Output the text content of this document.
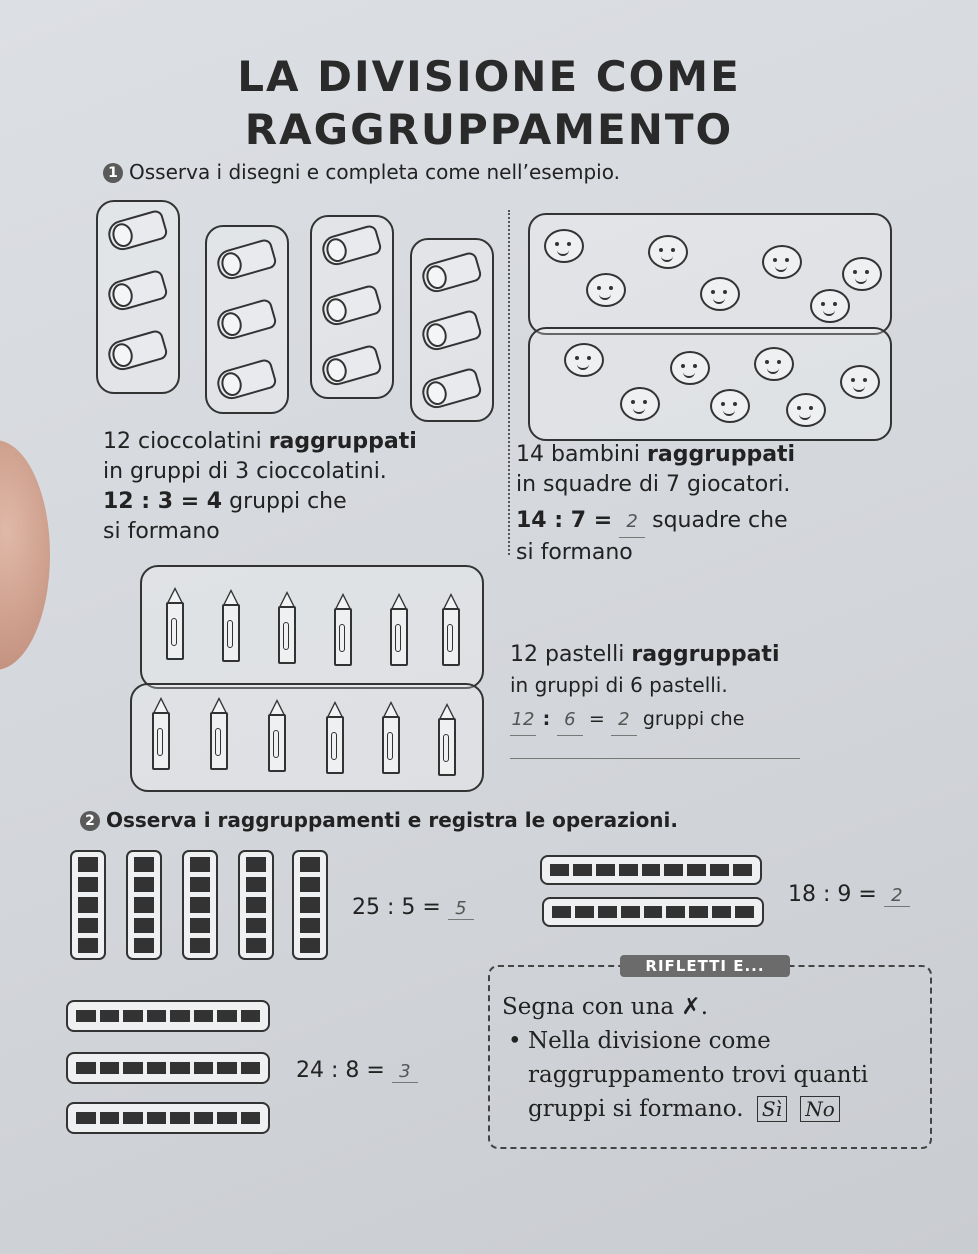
LA DIVISIONE COME
RAGGRUPPAMENTO
1 Osserva i disegni e completa come nell’esempio.
12 cioccolatini raggruppati
in gruppi di 3 cioccolatini.
12 : 3 = 4 gruppi che
si formano
14 bambini raggruppati
in squadre di 7 giocatori.
14 : 7 = 2 squadre che
si formano
12 pastelli raggruppati
in gruppi di 6 pastelli.
12 : 6 = 2 gruppi che
2 Osserva i raggruppamenti e registra le operazioni.
25 : 5 = 5
18 : 9 = 2
24 : 8 = 3
RIFLETTI E...
Segna con una ✗.
• Nella divisione come
raggruppamento trovi quanti
gruppi si formano. Sì No
